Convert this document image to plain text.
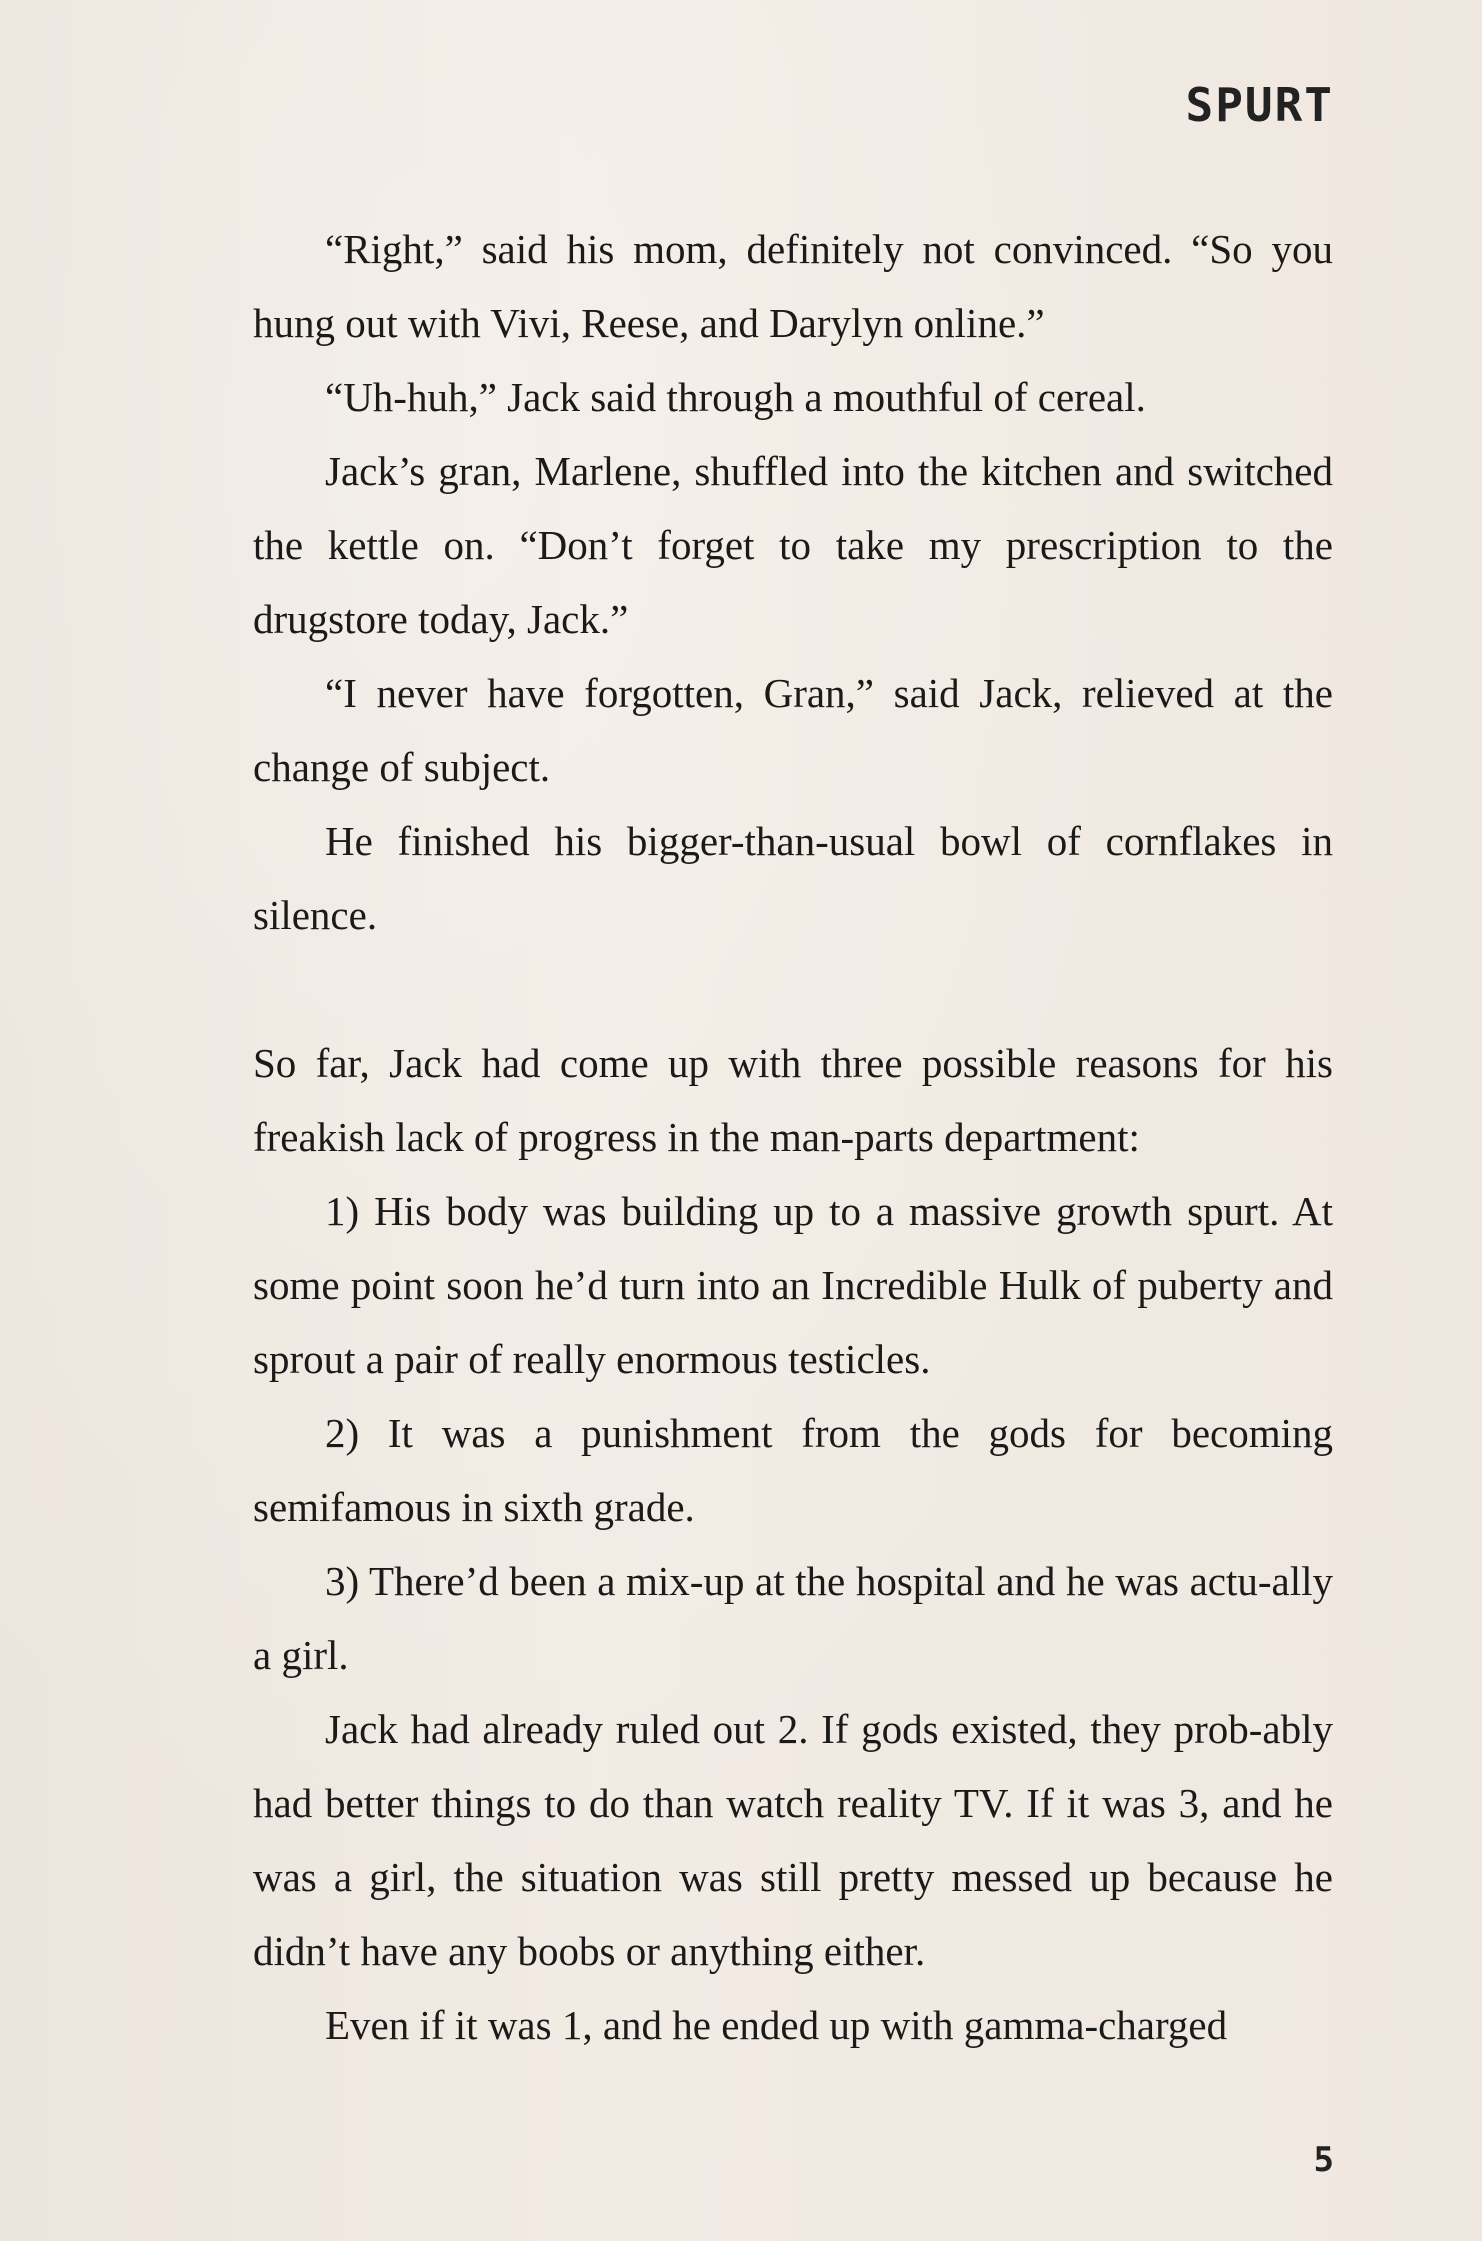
SPURT

“Right,” said his mom, definitely not convinced. “So you hung out with Vivi, Reese, and Darylyn online.”

“Uh-huh,” Jack said through a mouthful of cereal.

Jack’s gran, Marlene, shuffled into the kitchen and switched the kettle on. “Don’t forget to take my prescription to the drugstore today, Jack.”

“I never have forgotten, Gran,” said Jack, relieved at the change of subject.

He finished his bigger-than-usual bowl of cornflakes in silence.

So far, Jack had come up with three possible reasons for his freakish lack of progress in the man-parts department:

1) His body was building up to a massive growth spurt. At some point soon he’d turn into an Incredible Hulk of puberty and sprout a pair of really enormous testicles.

2) It was a punishment from the gods for becoming semifamous in sixth grade.

3) There’d been a mix-up at the hospital and he was actu-ally a girl.

Jack had already ruled out 2. If gods existed, they prob-ably had better things to do than watch reality TV. If it was 3, and he was a girl, the situation was still pretty messed up because he didn’t have any boobs or anything either.

Even if it was 1, and he ended up with gamma-charged

5
